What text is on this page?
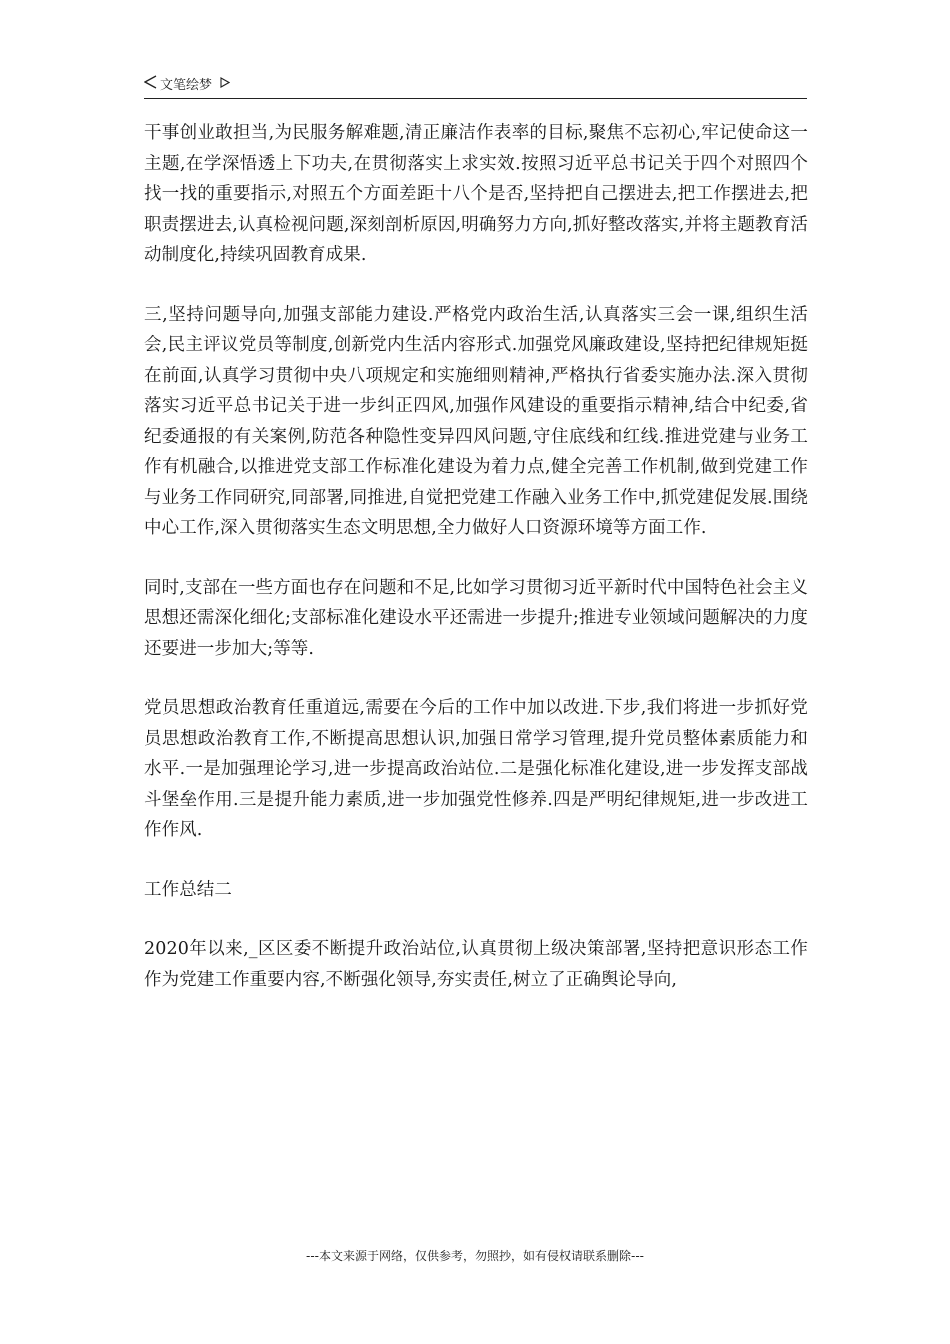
文笔绘梦

干事创业敢担当,为民服务解难题,清正廉洁作表率的目标,聚焦不忘初心,牢记使命这一主题,在学深悟透上下功夫,在贯彻落实上求实效.按照习近平总书记关于四个对照四个找一找的重要指示,对照五个方面差距十八个是否,坚持把自己摆进去,把工作摆进去,把职责摆进去,认真检视问题,深刻剖析原因,明确努力方向,抓好整改落实,并将主题教育活动制度化,持续巩固教育成果.

三,坚持问题导向,加强支部能力建设.严格党内政治生活,认真落实三会一课,组织生活会,民主评议党员等制度,创新党内生活内容形式.加强党风廉政建设,坚持把纪律规矩挺在前面,认真学习贯彻中央八项规定和实施细则精神,严格执行省委实施办法.深入贯彻落实习近平总书记关于进一步纠正四风,加强作风建设的重要指示精神,结合中纪委,省纪委通报的有关案例,防范各种隐性变异四风问题,守住底线和红线.推进党建与业务工作有机融合,以推进党支部工作标准化建设为着力点,健全完善工作机制,做到党建工作与业务工作同研究,同部署,同推进,自觉把党建工作融入业务工作中,抓党建促发展.围绕中心工作,深入贯彻落实生态文明思想,全力做好人口资源环境等方面工作.

同时,支部在一些方面也存在问题和不足,比如学习贯彻习近平新时代中国特色社会主义思想还需深化细化;支部标准化建设水平还需进一步提升;推进专业领域问题解决的力度还要进一步加大;等等.

党员思想政治教育任重道远,需要在今后的工作中加以改进.下步,我们将进一步抓好党员思想政治教育工作,不断提高思想认识,加强日常学习管理,提升党员整体素质能力和水平.一是加强理论学习,进一步提高政治站位.二是强化标准化建设,进一步发挥支部战斗堡垒作用.三是提升能力素质,进一步加强党性修养.四是严明纪律规矩,进一步改进工作作风.

工作总结二

2020年以来,_区区委不断提升政治站位,认真贯彻上级决策部署,坚持把意识形态工作作为党建工作重要内容,不断强化领导,夯实责任,树立了正确舆论导向,

---本文来源于网络，仅供参考，勿照抄，如有侵权请联系删除---
